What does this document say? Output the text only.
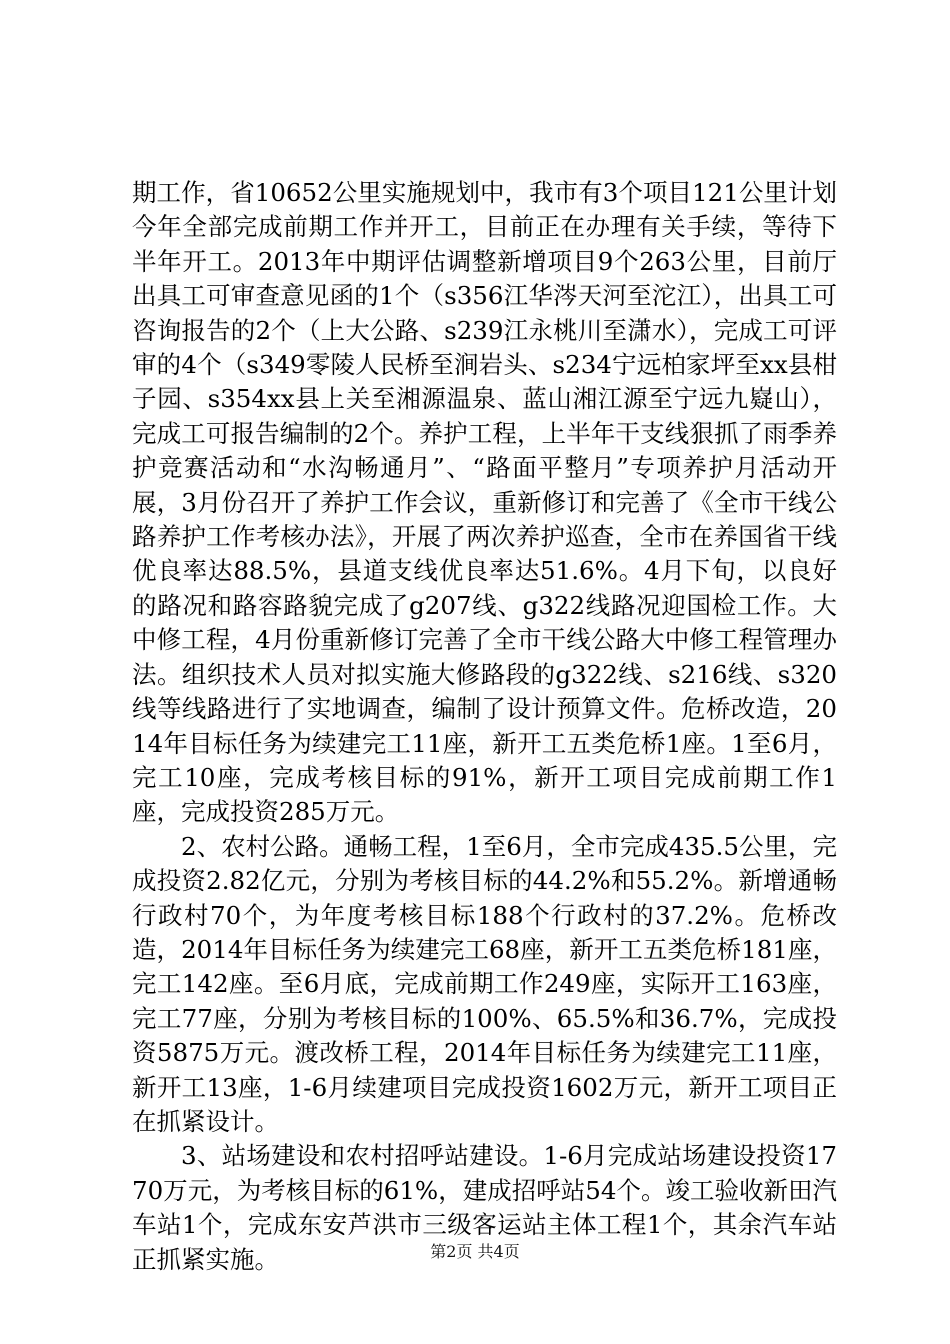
期工作，省10652公里实施规划中，我市有3个项目121公里计划今年全部完成前期工作并开工，目前正在办理有关手续，等待下半年开工。2013年中期评估调整新增项目9个263公里，目前厅出具工可审查意见函的1个（s356江华涔天河至沱江），出具工可咨询报告的2个（上大公路、s239江永桃川至潇水），完成工可评审的4个（s349零陵人民桥至涧岩头、s234宁远柏家坪至xx县柑子园、s354xx县上关至湘源温泉、蓝山湘江源至宁远九嶷山），完成工可报告编制的2个。养护工程，上半年干支线狠抓了雨季养护竞赛活动和“水沟畅通月”、“路面平整月”专项养护月活动开展，3月份召开了养护工作会议，重新修订和完善了《全市干线公路养护工作考核办法》，开展了两次养护巡查，全市在养国省干线优良率达88.5%，县道支线优良率达51.6%。4月下旬，以良好的路况和路容路貌完成了g207线、g322线路况迎国检工作。大中修工程，4月份重新修订完善了全市干线公路大中修工程管理办法。组织技术人员对拟实施大修路段的g322线、s216线、s320线等线路进行了实地调查，编制了设计预算文件。危桥改造，2014年目标任务为续建完工11座，新开工五类危桥1座。1至6月，完工10座，完成考核目标的91%，新开工项目完成前期工作1座，完成投资285万元。

2、农村公路。通畅工程，1至6月，全市完成435.5公里，完成投资2.82亿元，分别为考核目标的44.2%和55.2%。新增通畅行政村70个，为年度考核目标188个行政村的37.2%。危桥改造，2014年目标任务为续建完工68座，新开工五类危桥181座，完工142座。至6月底，完成前期工作249座，实际开工163座，完工77座，分别为考核目标的100%、65.5%和36.7%，完成投资5875万元。渡改桥工程，2014年目标任务为续建完工11座，新开工13座，1-6月续建项目完成投资1602万元，新开工项目正在抓紧设计。

3、站场建设和农村招呼站建设。1-6月完成站场建设投资1770万元，为考核目标的61%，建成招呼站54个。竣工验收新田汽车站1个，完成东安芦洪市三级客运站主体工程1个，其余汽车站正抓紧实施。	第2页 共4页
